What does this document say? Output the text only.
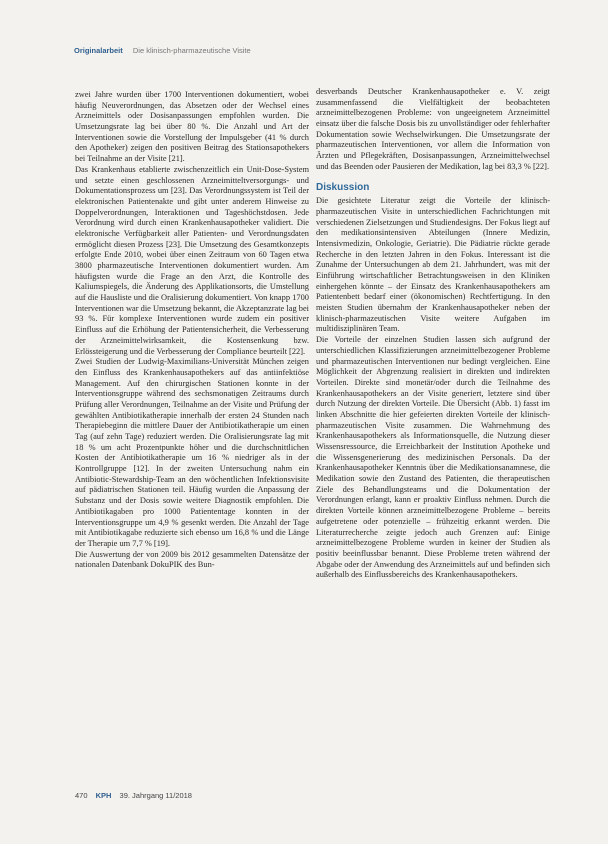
Originalarbeit Die klinisch-pharmazeutische Visite

zwei Jahre wurden über 1700 Interventionen dokumentiert, wobei häufig Neuverordnungen, das Absetzen oder der Wechsel eines Arzneimittels oder Dosisanpassungen empfohlen wurden. Die Umsetzungsrate lag bei über 80 %. Die Anzahl und Art der Interventionen sowie die Vorstellung der Impulsgeber (41 % durch den Apotheker) zeigen den positiven Beitrag des Stationsapothekers bei Teilnahme an der Visite [21].

Das Krankenhaus etablierte zwischenzeitlich ein Unit-Dose-System und setzte einen geschlossenen Arzneimitteltversorgungs- und Dokumentationsprozess um [23]. Das Verordnungssystem ist Teil der elektronischen Patientenakte und gibt unter anderem Hinweise zu Doppelverordnungen, Interaktionen und Tageshöchstdosen. Jede Verordnung wird durch einen Krankenhausapotheker validiert. Die elektronische Verfügbarkeit aller Patienten- und Verordnungsdaten ermöglicht diesen Prozess [23]. Die Umsetzung des Gesamtkonzepts erfolgte Ende 2010, wobei über einen Zeitraum von 60 Tagen etwa 3800 pharmazeutische Interventionen dokumentiert wurden. Am häufigsten wurde die Frage an den Arzt, die Kontrolle des Kaliumspiegels, die Änderung des Applikationsorts, die Umstellung auf die Hausliste und die Oralisierung dokumentiert. Von knapp 1700 Interventionen war die Umsetzung bekannt, die Akzeptanzrate lag bei 93 %. Für komplexe Interventionen wurde zudem ein positiver Einfluss auf die Erhöhung der Patientensicherheit, die Verbesserung der Arzneimittelwirksamkeit, die Kostensenkung bzw. Erlössteigerung und die Verbesserung der Compliance beurteilt [22].

Zwei Studien der Ludwig-Maximilians-Universität München zeigen den Einfluss des Krankenhausapothekers auf das antiinfektiöse Management. Auf den chirurgischen Stationen konnte in der Interventionsgruppe während des sechsmonatigen Zeitraums durch Prüfung aller Verordnungen, Teilnahme an der Visite und Prüfung der gewählten Antibiotikatherapie innerhalb der ersten 24 Stunden nach Therapiebeginn die mittlere Dauer der Antibiotikatherapie um einen Tag (auf zehn Tage) reduziert werden. Die Oralisierungsrate lag mit 18 % um acht Prozentpunkte höher und die durchschnittlichen Kosten der Antibiotikatherapie um 16 % niedriger als in der Kontrollgruppe [12]. In der zweiten Untersuchung nahm ein Antibiotic-Stewardship-Team an den wöchentlichen Infektionsvisite auf pädiatrischen Stationen teil. Häufig wurden die Anpassung der Substanz und der Dosis sowie weitere Diagnostik empfohlen. Die Antibiotikagaben pro 1000 Patiententage konnten in der Interventionsgruppe um 4,9 % gesenkt werden. Die Anzahl der Tage mit Antibiotikagabe reduzierte sich ebenso um 16,8 % und die Länge der Therapie um 7,7 % [19].

Die Auswertung der von 2009 bis 2012 gesammelten Datensätze der nationalen Datenbank DokuPIK des Bun-

desverbands Deutscher Krankenhausapotheker e. V. zeigt zusammenfassend die Vielfältigkeit der beobachteten arzneimittelbezogenen Probleme: von ungeeignetem Arzneimittel einsatz über die falsche Dosis bis zu unvollständiger oder fehlerhafter Dokumentation sowie Wechselwirkungen. Die Umsetzungsrate der pharmazeutischen Interventionen, vor allem die Information von Ärzten und Pflegekräften, Dosisanpassungen, Arzneimittelwechsel und das Beenden oder Pausieren der Medikation, lag bei 83,3 % [22].

Diskussion

Die gesichtete Literatur zeigt die Vorteile der klinisch-pharmazeutischen Visite in unterschiedlichen Fachrichtungen mit verschiedenen Zielsetzungen und Studiendesigns. Der Fokus liegt auf den medikationsintensiven Abteilungen (Innere Medizin, Intensivmedizin, Onkologie, Geriatrie). Die Pädiatrie rückte gerade Recherche in den letzten Jahren in den Fokus. Interessant ist die Zunahme der Untersuchungen ab dem 21. Jahrhundert, was mit der Einführung wirtschaftlicher Betrachtungsweisen in den Kliniken einhergehen könnte – der Einsatz des Krankenhausapothekers am Patientenbett bedarf einer (ökonomischen) Rechtfertigung. In den meisten Studien übernahm der Krankenhausapotheker neben der klinisch-pharmazeutischen Visite weitere Aufgaben im multidisziplinären Team.

Die Vorteile der einzelnen Studien lassen sich aufgrund der unterschiedlichen Klassifizierungen arzneimittelbezogener Probleme und pharmazeutischen Interventionen nur bedingt vergleichen. Eine Möglichkeit der Abgrenzung realisiert in direkten und indirekten Vorteilen. Direkte sind monetär/oder durch die Teilnahme des Krankenhausapothekers an der Visite generiert, letztere sind über durch Nutzung der direkten Vorteile. Die Übersicht (Abb. 1) fasst im linken Abschnitte die hier gefeierten direkten Vorteile der klinisch-pharmazeutischen Visite zusammen. Die Wahrnehmung des Krankenhausapothekers als Informationsquelle, die Nutzung dieser Wissensressource, die Erreichbarkeit der Institution Apotheke und die Wissensgenerierung des medizinischen Personals. Da der Krankenhausapotheker Kenntnis über die Medikationsanamnese, die Medikation sowie den Zustand des Patienten, die therapeutischen Ziele des Behandlungsteams und die Dokumentation der Verordnungen erlangt, kann er proaktiv Einfluss nehmen. Durch die direkten Vorteile können arzneimittelbezogene Probleme – bereits aufgetretene oder potenzielle – frühzeitig erkannt werden. Die Literaturrecherche zeigte jedoch auch Grenzen auf: Einige arzneimittelbezogene Probleme wurden in keiner der Studien als positiv beeinflussbar benannt. Diese Probleme treten während der Abgabe oder der Anwendung des Arzneimittels auf und befinden sich außerhalb des Einflussbereichs des Krankenhausapothekers.

470 KPH 39. Jahrgang 11/2018
